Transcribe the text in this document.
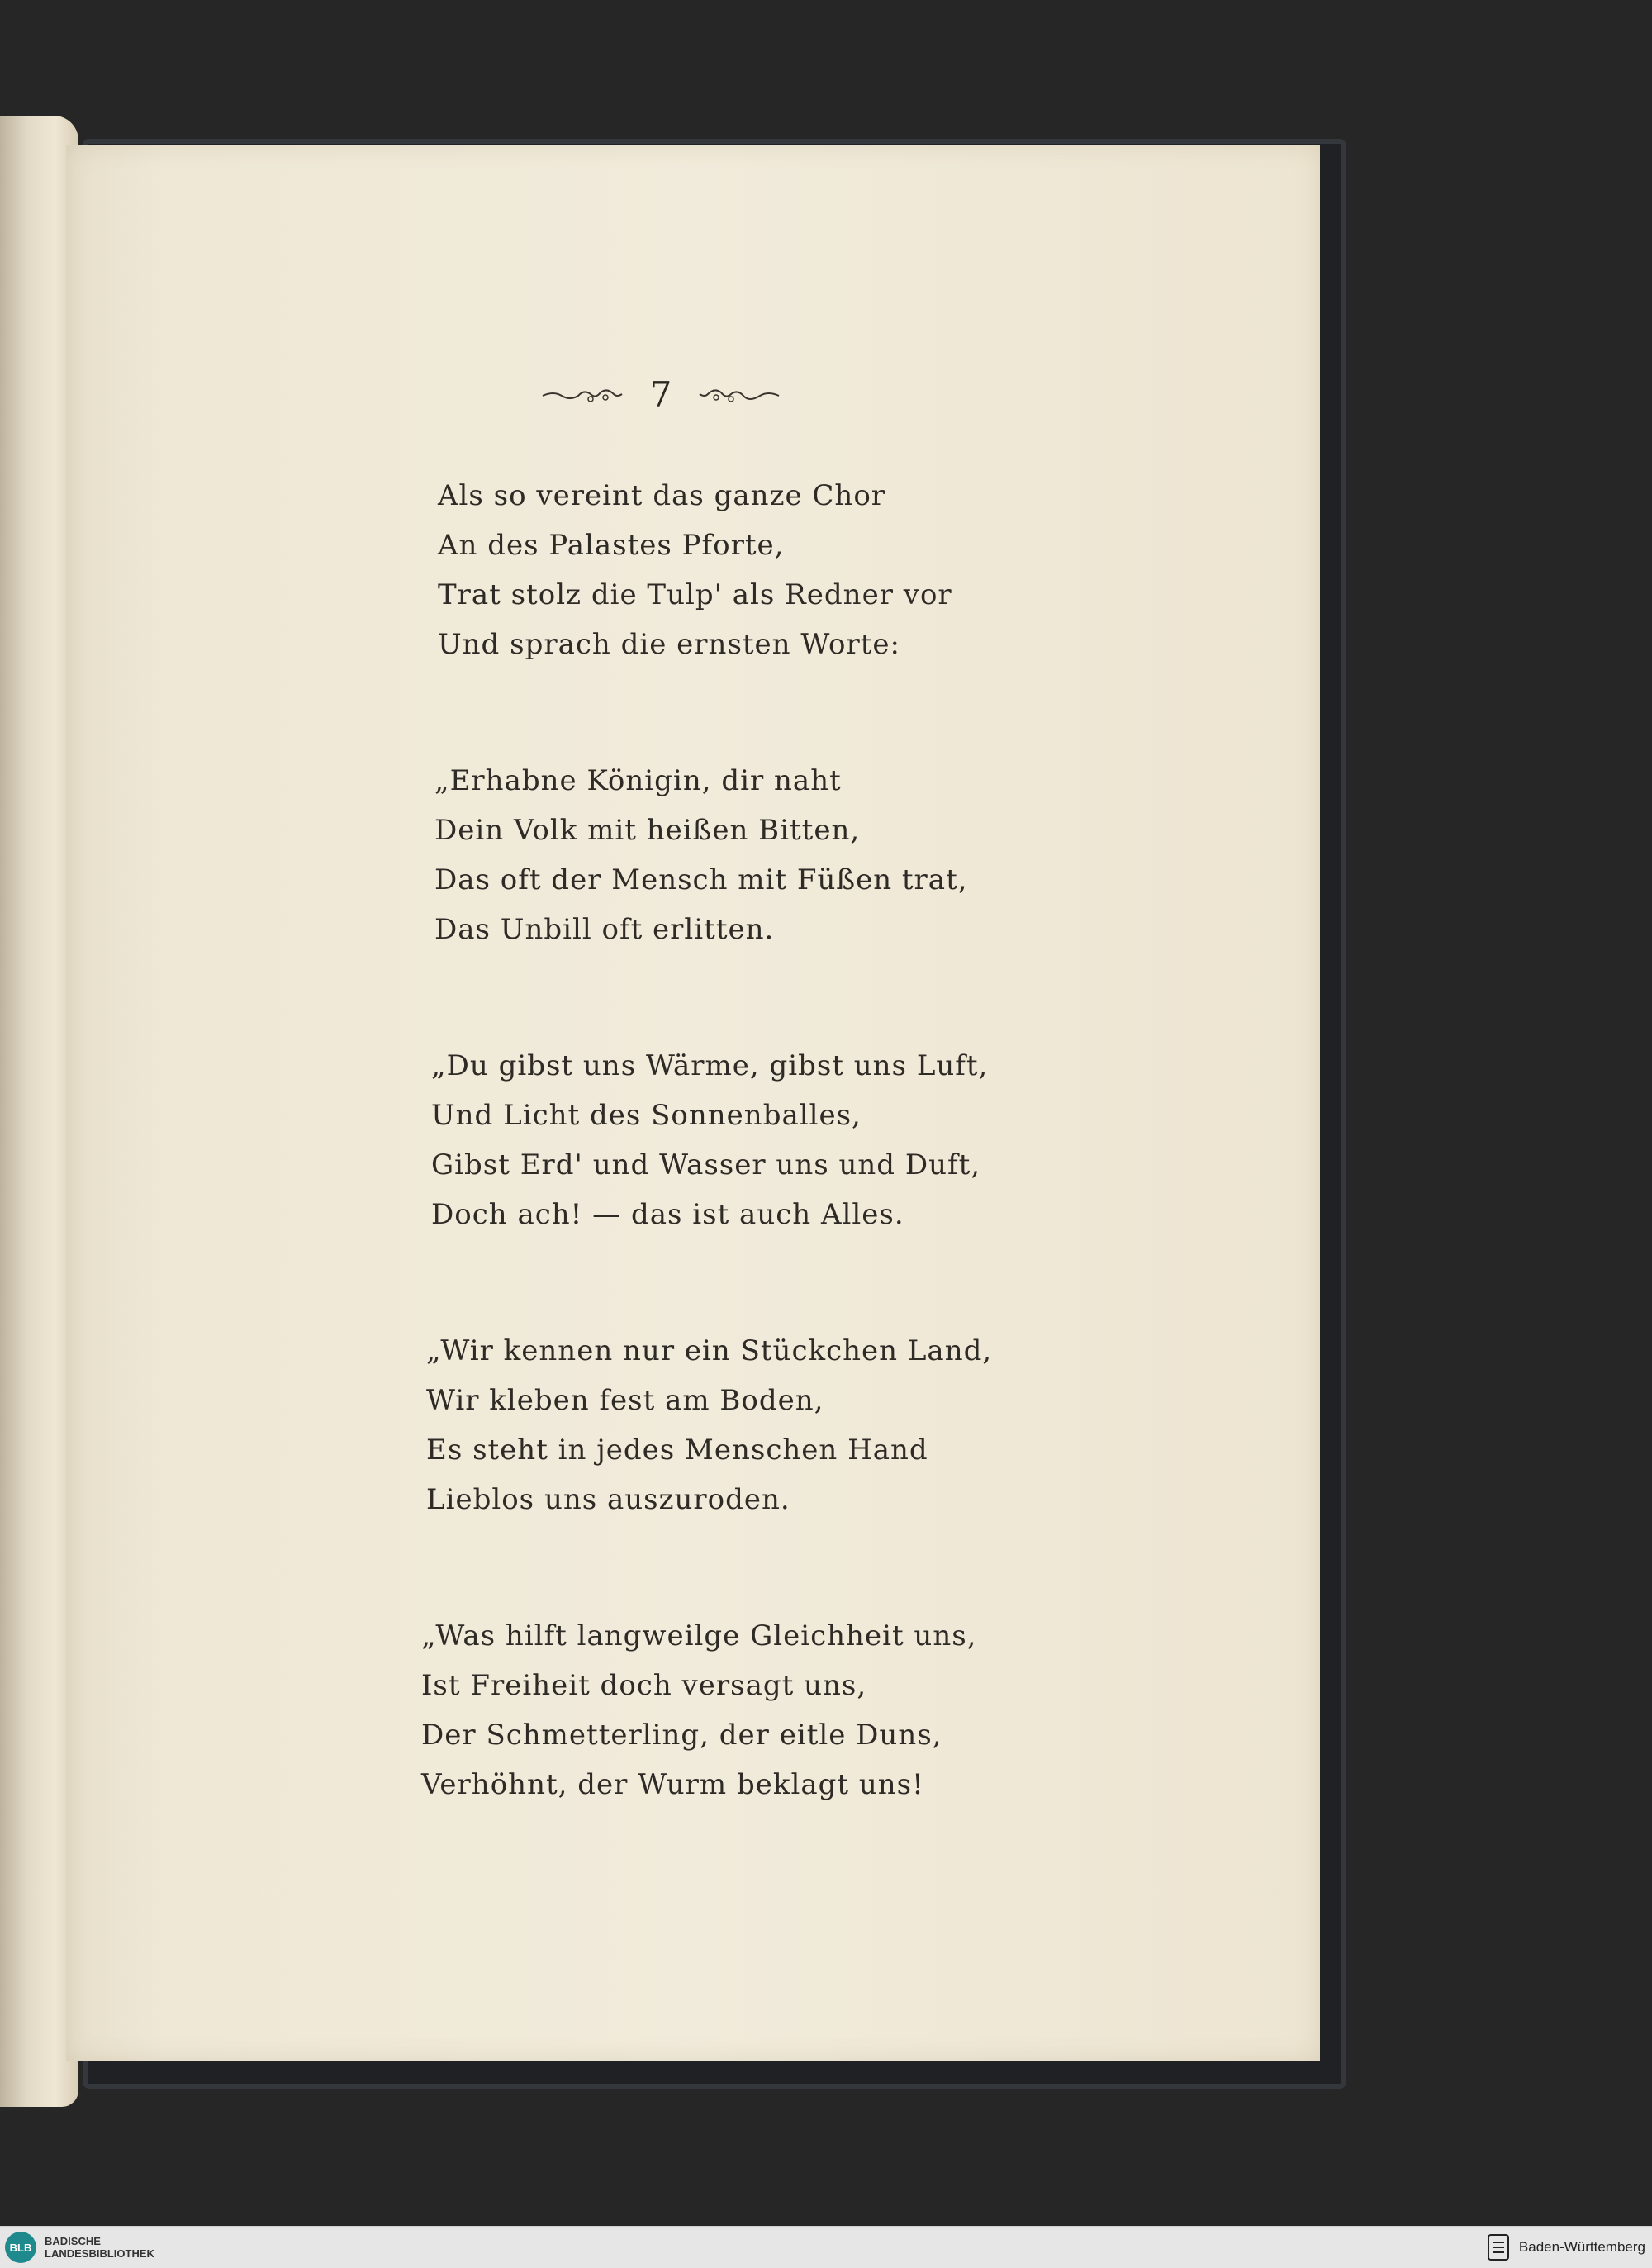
7
Als so vereint das ganze Chor
An des Palastes Pforte,
Trat stolz die Tulp' als Redner vor
Und sprach die ernsten Worte:
„Erhabne Königin, dir naht
Dein Volk mit heißen Bitten,
Das oft der Mensch mit Füßen trat,
Das Unbill oft erlitten.
„Du gibst uns Wärme, gibst uns Luft,
Und Licht des Sonnenballes,
Gibst Erd' und Wasser uns und Duft,
Doch ach! — das ist auch Alles.
„Wir kennen nur ein Stückchen Land,
Wir kleben fest am Boden,
Es steht in jedes Menschen Hand
Lieblos uns auszuroden.
„Was hilft langweilge Gleichheit uns,
Ist Freiheit doch versagt uns,
Der Schmetterling, der eitle Duns,
Verhöhnt, der Wurm beklagt uns!
BLB	BADISCHE
LANDESBIBLIOTHEK	Baden-Württemberg
